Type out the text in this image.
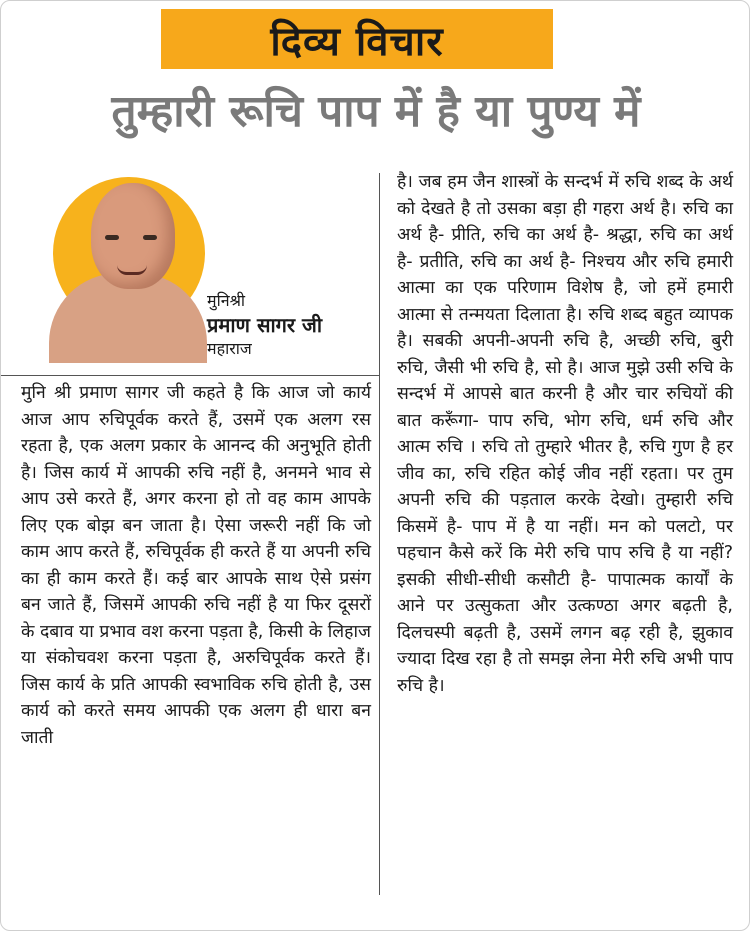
दिव्य विचार
तुम्हारी रूचि पाप में है या पुण्य में
मुनिश्री
प्रमाण सागर जी
महाराज
मुनि श्री प्रमाण सागर जी कहते है कि आज जो कार्य आज आप रुचिपूर्वक करते हैं, उसमें एक अलग रस रहता है, एक अलग प्रकार के आनन्द की अनुभूति होती है। जिस कार्य में आपकी रुचि नहीं है, अनमने भाव से आप उसे करते हैं, अगर करना हो तो वह काम आपके लिए एक बोझ बन जाता है। ऐसा जरूरी नहीं कि जो काम आप करते हैं, रुचिपूर्वक ही करते हैं या अपनी रुचि का ही काम करते हैं। कई बार आपके साथ ऐसे प्रसंग बन जाते हैं, जिसमें आपकी रुचि नहीं है या फिर दूसरों के दबाव या प्रभाव वश करना पड़ता है, किसी के लिहाज या संकोचवश करना पड़ता है, अरुचिपूर्वक करते हैं। जिस कार्य के प्रति आपकी स्वभाविक रुचि होती है, उस कार्य को करते समय आपकी एक अलग ही धारा बन जाती
है। जब हम जैन शास्त्रों के सन्दर्भ में रुचि शब्द के अर्थ को देखते है तो उसका बड़ा ही गहरा अर्थ है। रुचि का अर्थ है- प्रीति, रुचि का अर्थ है- श्रद्धा, रुचि का अर्थ है- प्रतीति, रुचि का अर्थ है- निश्चय और रुचि हमारी आत्मा का एक परिणाम विशेष है, जो हमें हमारी आत्मा से तन्मयता दिलाता है। रुचि शब्द बहुत व्यापक है। सबकी अपनी-अपनी रुचि है, अच्छी रुचि, बुरी रुचि, जैसी भी रुचि है, सो है। आज मुझे उसी रुचि के सन्दर्भ में आपसे बात करनी है और चार रुचियों की बात करूँगा- पाप रुचि, भोग रुचि, धर्म रुचि और आत्म रुचि । रुचि तो तुम्हारे भीतर है, रुचि गुण है हर जीव का, रुचि रहित कोई जीव नहीं रहता। पर तुम अपनी रुचि की पड़ताल करके देखो। तुम्हारी रुचि किसमें है- पाप में है या नहीं। मन को पलटो, पर पहचान कैसे करें कि मेरी रुचि पाप रुचि है या नहीं? इसकी सीधी-सीधी कसौटी है- पापात्मक कार्यों के आने पर उत्सुकता और उत्कण्ठा अगर बढ़ती है, दिलचस्पी बढ़ती है, उसमें लगन बढ़ रही है, झुकाव ज्यादा दिख रहा है तो समझ लेना मेरी रुचि अभी पाप रुचि है।
